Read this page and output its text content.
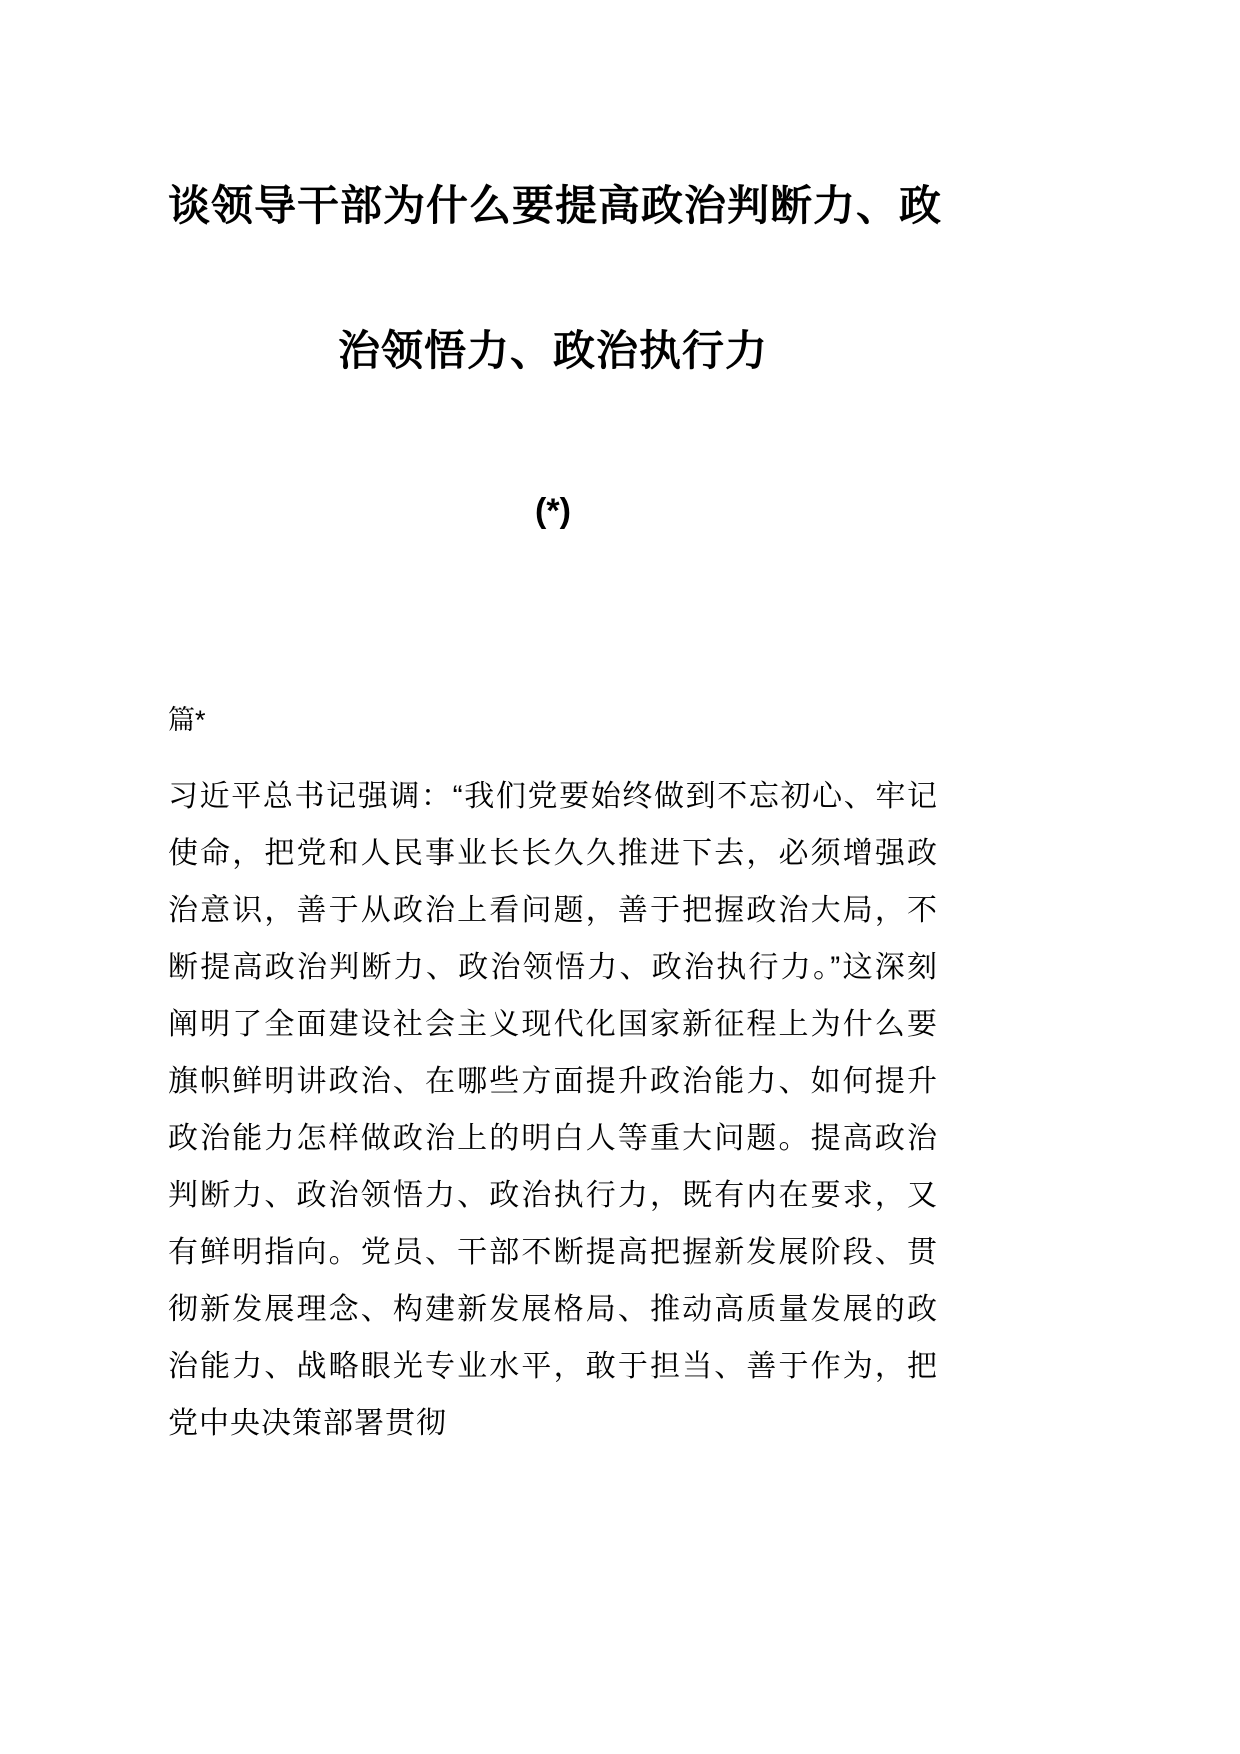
谈领导干部为什么要提高政治判断力、政
治领悟力、政治执行力
(*)
篇*

习近平总书记强调：“我们党要始终做到不忘初心、牢记使命，把党和人民事业长长久久推进下去，必须增强政治意识，善于从政治上看问题，善于把握政治大局，不断提高政治判断力、政治领悟力、政治执行力。”这深刻阐明了全面建设社会主义现代化国家新征程上为什么要旗帜鲜明讲政治、在哪些方面提升政治能力、如何提升政治能力怎样做政治上的明白人等重大问题。提高政治判断力、政治领悟力、政治执行力，既有内在要求，又有鲜明指向。党员、干部不断提高把握新发展阶段、贯彻新发展理念、构建新发展格局、推动高质量发展的政治能力、战略眼光专业水平，敢于担当、善于作为，把党中央决策部署贯彻
